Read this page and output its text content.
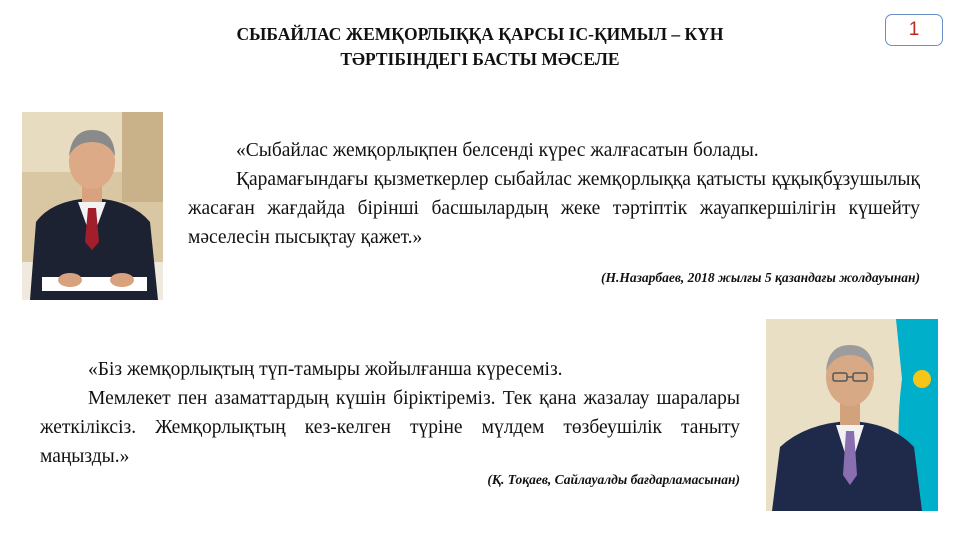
СЫБАЙЛАС ЖЕМҚОРЛЫҚҚА ҚАРСЫ ІС-ҚИМЫЛ – КҮН
ТӘРТІБІНДЕГІ БАСТЫ МӘСЕЛЕ
1

«Сыбайлас жемқорлықпен белсенді күрес жалғасатын болады.

Қарамағындағы қызметкерлер сыбайлас жемқорлыққа қатысты құқықбұзушылық жасаған жағдайда бірінші басшылардың жеке тәртіптік жауапкершілігін күшейту мәселесін пысықтау қажет.»

(Н.Назарбаев, 2018 жылғы 5 қазандағы жолдауынан)

«Біз жемқорлықтың түп-тамыры жойылғанша күресеміз.

Мемлекет пен азаматтардың күшін біріктіреміз. Тек қана жазалау шаралары жеткіліксіз. Жемқорлықтың кез-келген түріне мүлдем төзбеушілік таныту маңызды.»

(Қ. Тоқаев, Сайлауалды бағдарламасынан)
